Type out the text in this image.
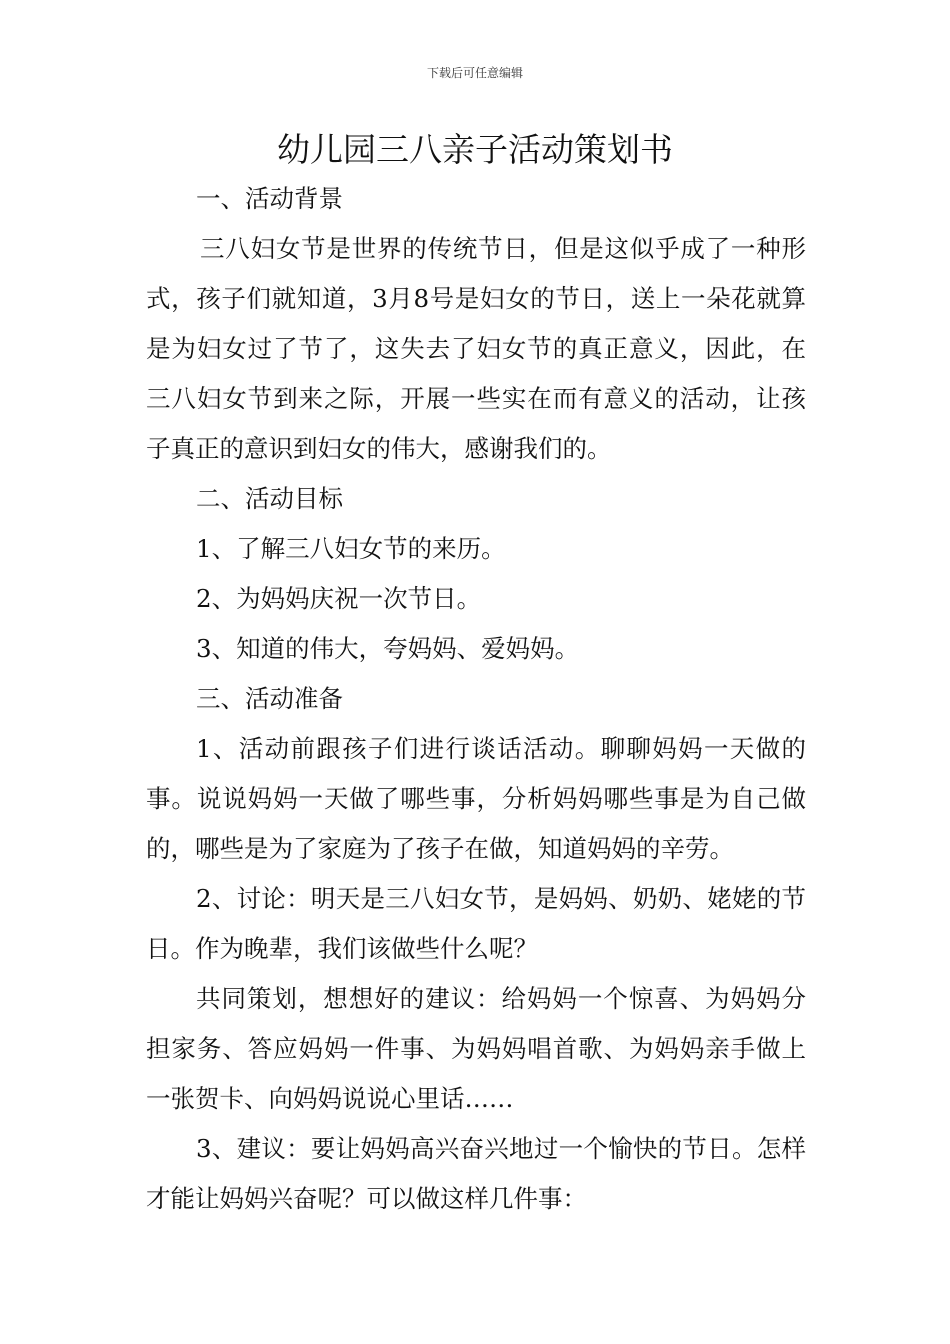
下载后可任意编辑
幼儿园三八亲子活动策划书

一、活动背景

三八妇女节是世界的传统节日，但是这似乎成了一种形式，孩子们就知道，3月8号是妇女的节日，送上一朵花就算是为妇女过了节了，这失去了妇女节的真正意义，因此，在三八妇女节到来之际，开展一些实在而有意义的活动，让孩子真正的意识到妇女的伟大，感谢我们的。

二、活动目标

1、了解三八妇女节的来历。

2、为妈妈庆祝一次节日。

3、知道的伟大，夸妈妈、爱妈妈。

三、活动准备

1、活动前跟孩子们进行谈话活动。聊聊妈妈一天做的事。说说妈妈一天做了哪些事，分析妈妈哪些事是为自己做的，哪些是为了家庭为了孩子在做，知道妈妈的辛劳。

2、讨论：明天是三八妇女节，是妈妈、奶奶、姥姥的节日。作为晚辈，我们该做些什么呢？

共同策划，想想好的建议：给妈妈一个惊喜、为妈妈分担家务、答应妈妈一件事、为妈妈唱首歌、为妈妈亲手做上一张贺卡、向妈妈说说心里话……

3、建议：要让妈妈高兴奋兴地过一个愉快的节日。怎样才能让妈妈兴奋呢？可以做这样几件事：
